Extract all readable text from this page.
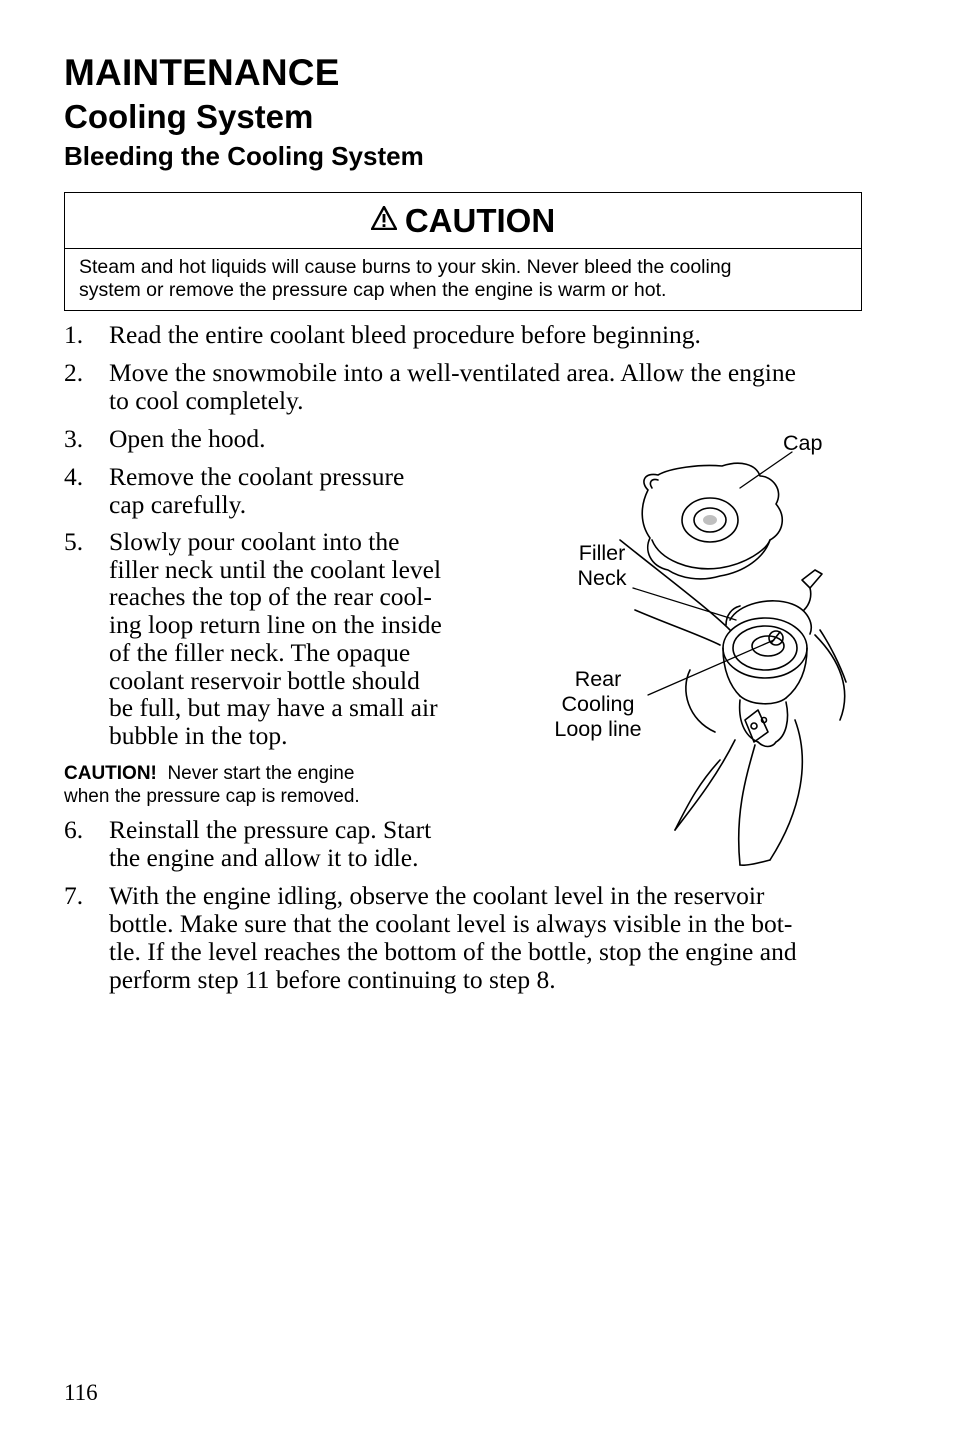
MAINTENANCE
Cooling System
Bleeding the Cooling System
CAUTION
Steam and hot liquids will cause burns to your skin. Never bleed the cooling
system or remove the pressure cap when the engine is warm or hot.
1. Read the entire coolant bleed procedure before beginning.
2. Move the snowmobile into a well-ventilated area. Allow the engine
to cool completely.
3. Open the hood.
4. Remove the coolant pressure
cap carefully.
5. Slowly pour coolant into the
filler neck until the coolant level
reaches the top of the rear cool-
ing loop return line on the inside
of the filler neck. The opaque
coolant reservoir bottle should
be full, but may have a small air
bubble in the top.
CAUTION! Never start the engine
when the pressure cap is removed.
6. Reinstall the pressure cap. Start
the engine and allow it to idle.
7. With the engine idling, observe the coolant level in the reservoir
bottle. Make sure that the coolant level is always visible in the bot-
tle. If the level reaches the bottom of the bottle, stop the engine and
perform step 11 before continuing to step 8.
Cap
Filler
Neck
Rear
Cooling
Loop line
116
